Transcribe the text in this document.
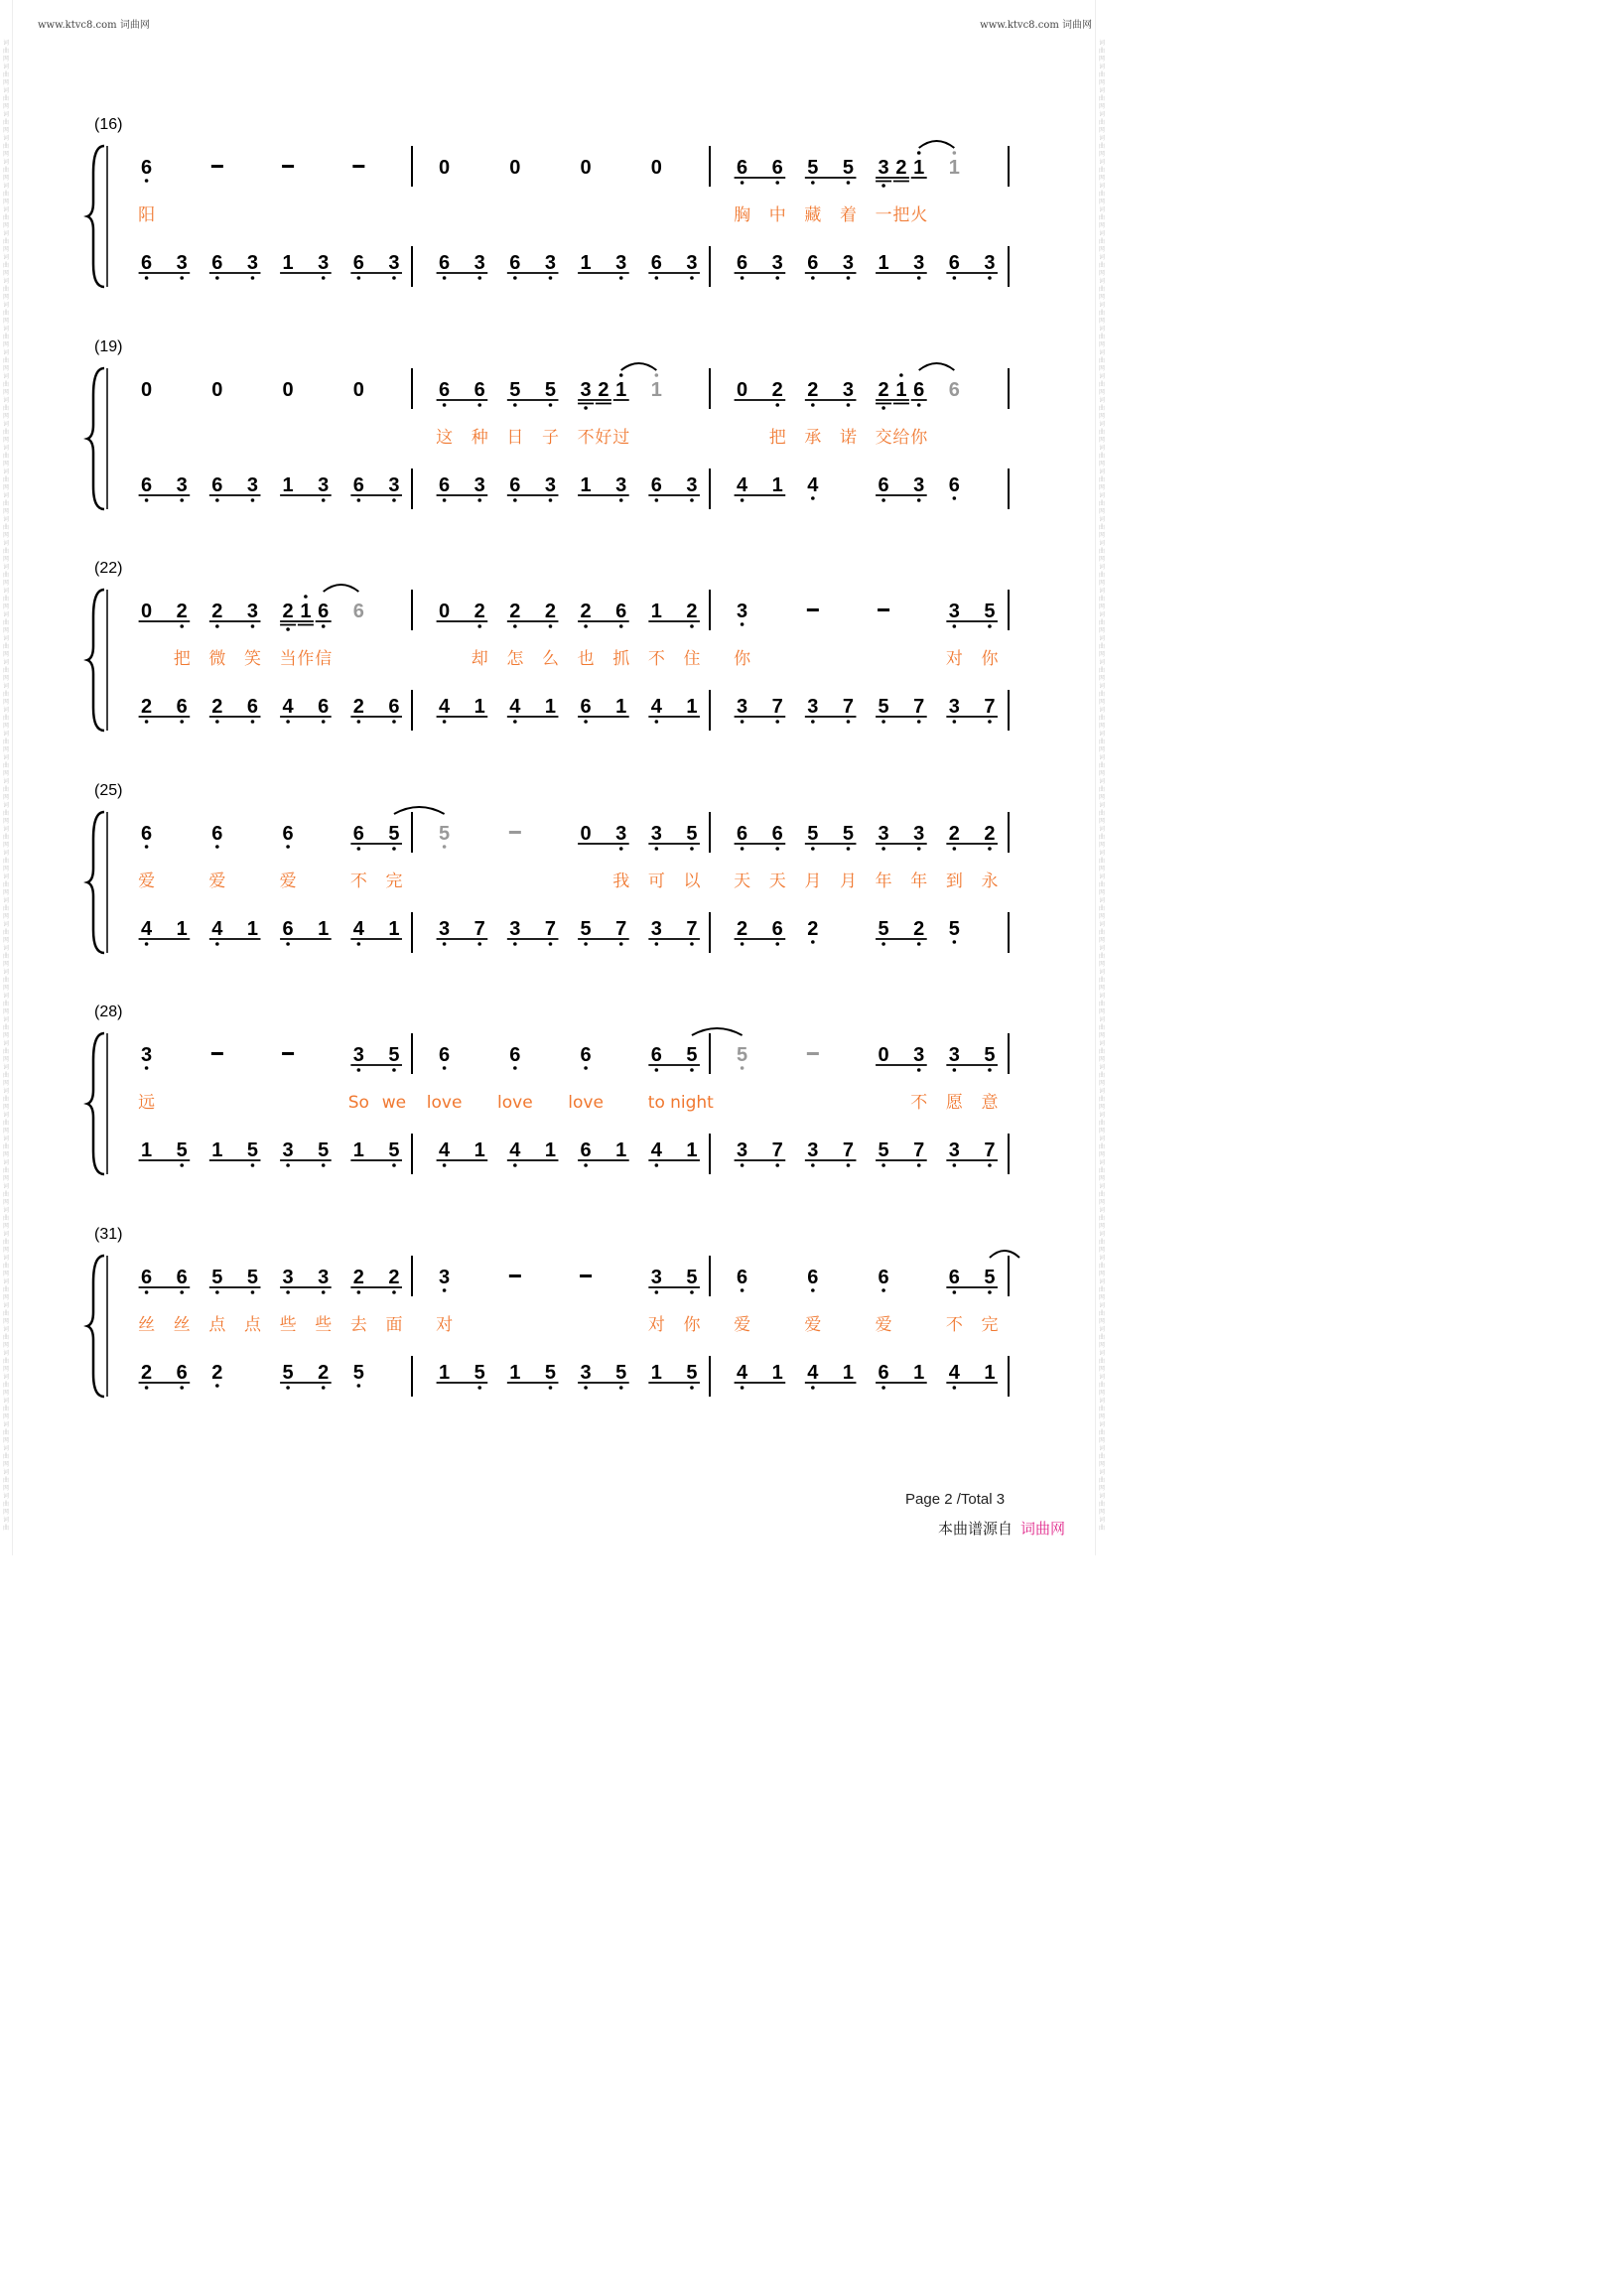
www.ktvc8.com 词曲网	www.ktvc8.com 词曲网
词
曲
网
词
曲
网
词
曲
网
词
曲
网
词
曲
网
词
曲
网
词
曲
网
词
曲
网
词
曲
网
词
曲
网
词
曲
网
词
曲
网
词
曲
网
词
曲
网
词
曲
网
词
曲
网
词
曲
网
词
曲
网
词
曲
网
词
曲
网
词
曲
网
词
曲
网
词
曲
网
词
曲
网
词
曲
网
词
曲
网
词
曲
网
词
曲
网
词
曲
网
词
曲
网
词
曲
网
词
曲
网
词
曲
网
词
曲
网
词
曲
网
词
曲
网
词
曲
网
词
曲
网
词
曲
网
词
曲
网
词
曲
网
词
曲
网
词
曲
网
词
曲
网
词
曲
网
词
曲
网
词
曲
网
词
曲
网
词
曲
网
词
曲
网
词
曲
网
词
曲
网
词
曲
网
词
曲
网
词
曲
网
词
曲
网
词
曲
网
词
曲
网
词
曲
网
词
曲
网
词
曲
网
词
曲
网
词
曲
词
曲
网
词
曲
网
词
曲
网
词
曲
网
词
曲
网
词
曲
网
词
曲
网
词
曲
网
词
曲
网
词
曲
网
词
曲
网
词
曲
网
词
曲
网
词
曲
网
词
曲
网
词
曲
网
词
曲
网
词
曲
网
词
曲
网
词
曲
网
词
曲
网
词
曲
网
词
曲
网
词
曲
网
词
曲
网
词
曲
网
词
曲
网
词
曲
网
词
曲
网
词
曲
网
词
曲
网
词
曲
网
词
曲
网
词
曲
网
词
曲
网
词
曲
网
词
曲
网
词
曲
网
词
曲
网
词
曲
网
词
曲
网
词
曲
网
词
曲
网
词
曲
网
词
曲
网
词
曲
网
词
曲
网
词
曲
网
词
曲
网
词
曲
网
词
曲
网
词
曲
网
词
曲
网
词
曲
网
词
曲
网
词
曲
网
词
曲
网
词
曲
网
词
曲
网
词
曲
网
词
曲
网
词
曲
网
词
曲
(16)
6	0	0	0	0	6 6 5 5 3 2 1 1
6 3 6 3 1 3 6 3 6 3 6 3 1 3 6 3 6 3 6 3 1 3 6 3
阳	胸 中 藏 着 一 把 火
(19)
0	0	0	0	6 6 5 5 3 2 1 1	0 2 2 3 2 1 6 6
6 3 6 3 1 3 6 3 6 3 6 3 1 3 6 3 4 1 4	6 3 6
这 种 日 子 不 好 过	把 承 诺 交 给 你
(22)
0 2 2 3 2 1 6 6	0 2 2 2 2 6 1 2 3	3 5
2 6 2 6 4 6 2 6 4 1 4 1 6 1 4 1 3 7 3 7 5 7 3 7
把 微 笑 当 作 信	却 怎 么 也 抓 不 住 你	对 你
(25)
6	6	6	6 5 5	0 3 3 5 6 6 5 5 3 3 2 2
4 1 4 1 6 1 4 1 3 7 3 7 5 7 3 7 2 6 2	5 2 5
爱	爱	爱	不 完	我 可 以 天 天 月 月 年 年 到 永
(28)
3	3 5 6	6	6	6 5 5	0 3 3 5
1 5 1 5 3 5 1 5 4 1 4 1 6 1 4 1 3 7 3 7 5 7 3 7
远	So we love love love	to night	不 愿 意
(31)
6 6 5 5 3 3 2 2 3	3 5 6	6	6	6 5
2 6 2	5 2 5	1 5 1 5 3 5 1 5 4 1 4 1 6 1 4 1
丝 丝 点 点 些 些 去 面 对	对 你 爱	爱	爱	不 完
Page 2 /Total 3
本曲谱源自 词曲网
